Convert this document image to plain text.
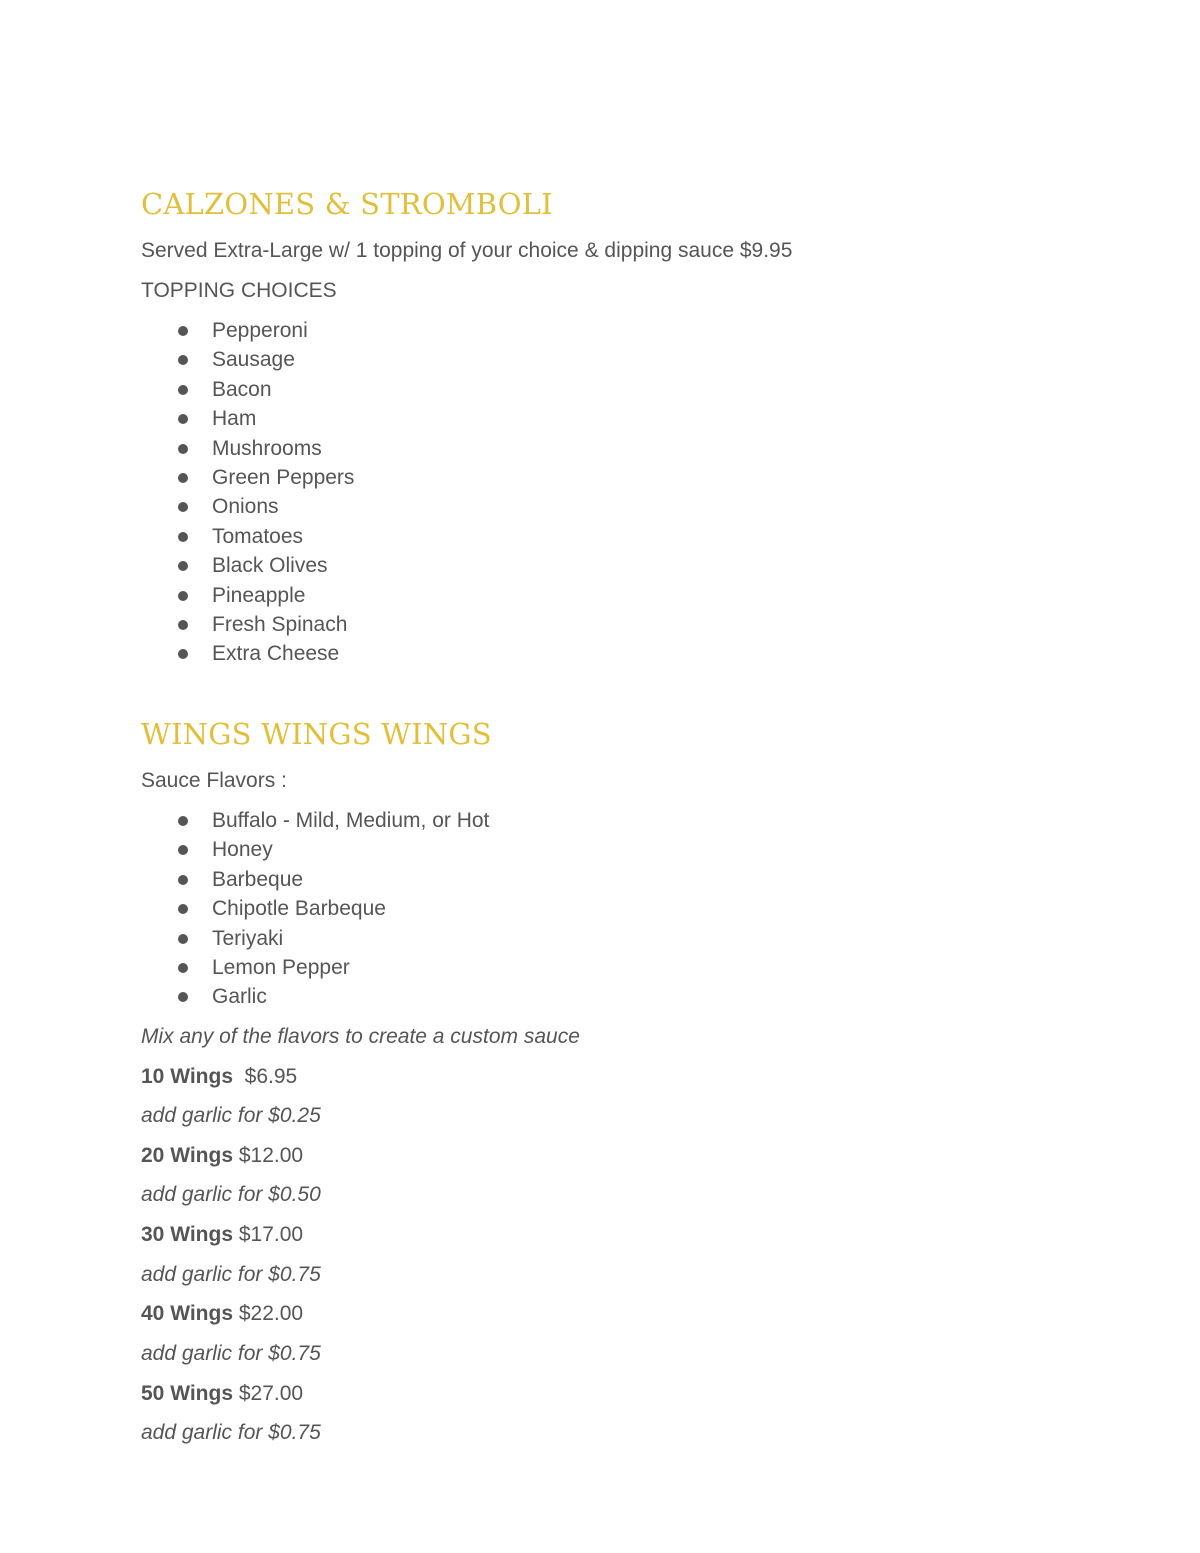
CALZONES & STROMBOLI

Served Extra-Large w/ 1 topping of your choice & dipping sauce $9.95

TOPPING CHOICES

Pepperoni
Sausage
Bacon
Ham
Mushrooms
Green Peppers
Onions
Tomatoes
Black Olives
Pineapple
Fresh Spinach
Extra Cheese
WINGS WINGS WINGS

Sauce Flavors :

Buffalo - Mild, Medium, or Hot
Honey
Barbeque
Chipotle Barbeque
Teriyaki
Lemon Pepper
Garlic

Mix any of the flavors to create a custom sauce

10 Wings $6.95

add garlic for $0.25

20 Wings $12.00

add garlic for $0.50

30 Wings $17.00

add garlic for $0.75

40 Wings $22.00

add garlic for $0.75

50 Wings $27.00

add garlic for $0.75
